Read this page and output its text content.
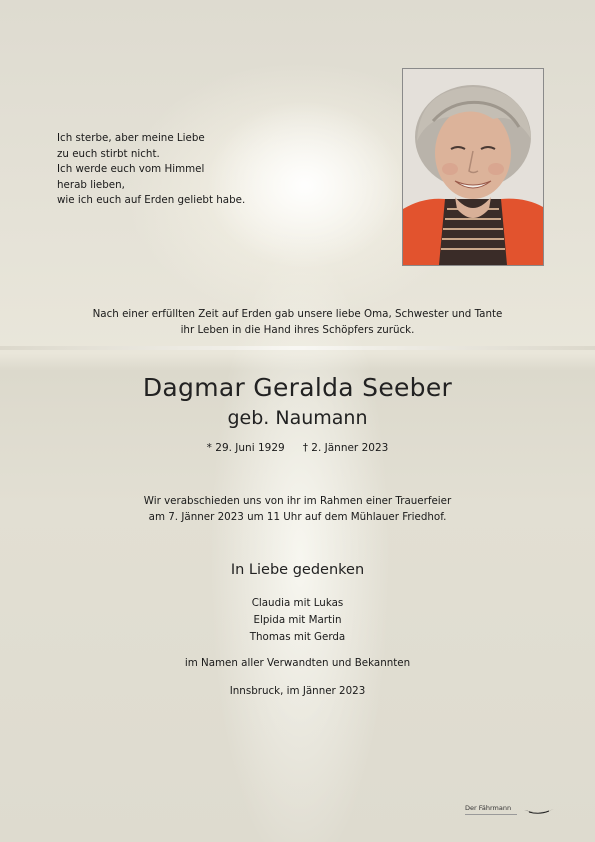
Ich sterbe, aber meine Liebe
zu euch stirbt nicht.
Ich werde euch vom Himmel
herab lieben,
wie ich euch auf Erden geliebt habe.
Nach einer erfüllten Zeit auf Erden gab unsere liebe Oma, Schwester und Tante
ihr Leben in die Hand ihres Schöpfers zurück.
Dagmar Geralda Seeber
geb. Naumann
* 29. Juni 1929 † 2. Jänner 2023
Wir verabschieden uns von ihr im Rahmen einer Trauerfeier
am 7. Jänner 2023 um 11 Uhr auf dem Mühlauer Friedhof.
In Liebe gedenken
Claudia mit Lukas
Elpida mit Martin
Thomas mit Gerda
im Namen aller Verwandten und Bekannten
Innsbruck, im Jänner 2023
Der Fährmann
